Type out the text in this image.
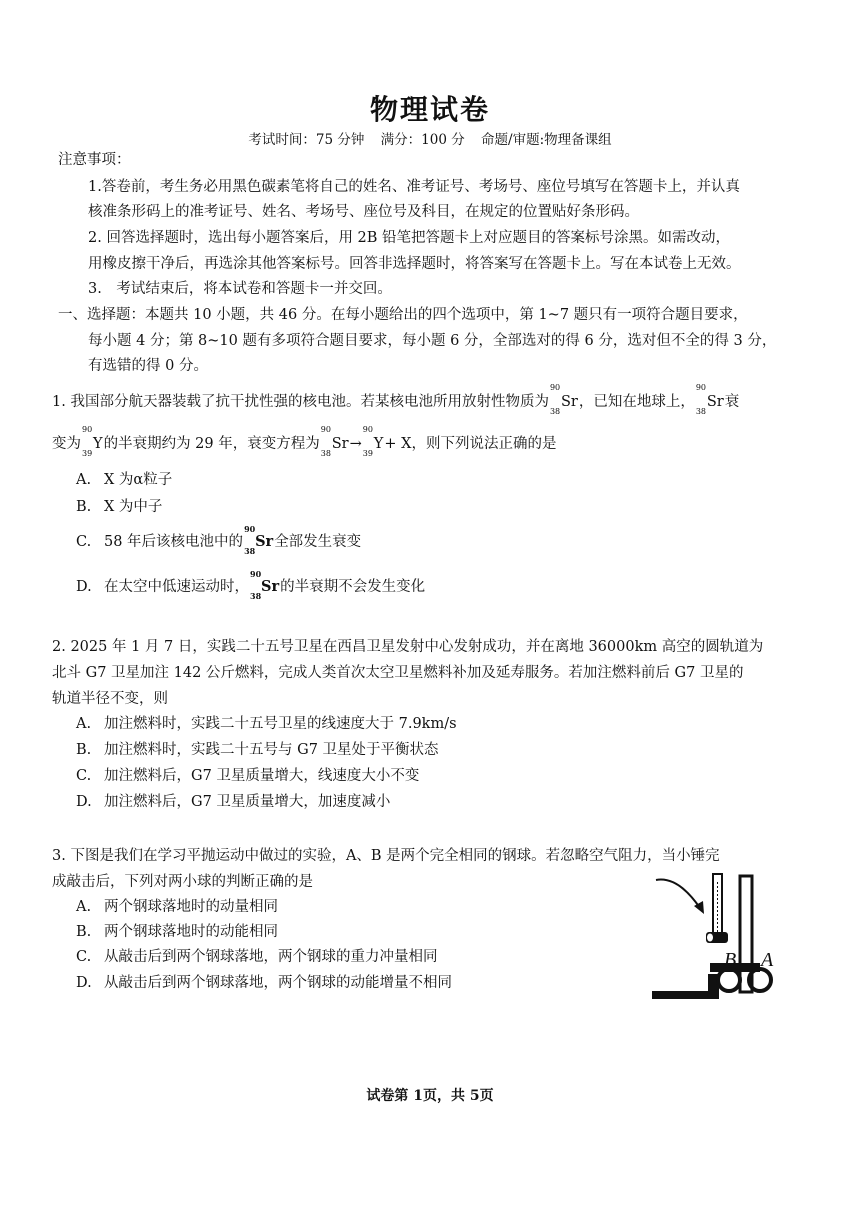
物理试卷
考试时间：75 分钟 满分：100 分 命题/审题:物理备课组
注意事项：
1.答卷前，考生务必用黑色碳素笔将自己的姓名、准考证号、考场号、座位号填写在答题卡上，并认真
核准条形码上的准考证号、姓名、考场号、座位号及科目，在规定的位置贴好条形码。
2. 回答选择题时，选出每小题答案后，用 2B 铅笔把答题卡上对应题目的答案标号涂黑。如需改动，
用橡皮擦干净后，再选涂其他答案标号。回答非选择题时，将答案写在答题卡上。写在本试卷上无效。
3.　考试结束后，将本试卷和答题卡一并交回。
一、选择题：本题共 10 小题，共 46 分。在每小题给出的四个选项中，第 1~7 题只有一项符合题目要求，
每小题 4 分；第 8~10 题有多项符合题目要求，每小题 6 分，全部选对的得 6 分，选对但不全的得 3 分，
有选错的得 0 分。
1. 我国部分航天器装载了抗干扰性强的核电池。若某核电池所用放射性物质为
90
38
Sr，已知在地球上，
90
38
Sr衰
变为
90
39
Y的半衰期约为 29 年，衰变方程为
90
38
Sr→
90
39
Y+ X，则下列说法正确的是
A. X 为α粒子
B. X 为中子
C. 58 年后该核电池中的
90
38
Sr全部发生衰变
D. 在太空中低速运动时，
90
38
Sr的半衰期不会发生变化
2. 2025 年 1 月 7 日，实践二十五号卫星在西昌卫星发射中心发射成功，并在离地 36000km 高空的圆轨道为
北斗 G7 卫星加注 142 公斤燃料，完成人类首次太空卫星燃料补加及延寿服务。若加注燃料前后 G7 卫星的
轨道半径不变，则
A. 加注燃料时，实践二十五号卫星的线速度大于 7.9km/s
B. 加注燃料时，实践二十五号与 G7 卫星处于平衡状态
C. 加注燃料后，G7 卫星质量增大，线速度大小不变
D. 加注燃料后，G7 卫星质量增大，加速度减小
3. 下图是我们在学习平抛运动中做过的实验，A、B 是两个完全相同的钢球。若忽略空气阻力，当小锤完
成敲击后，下列对两小球的判断正确的是
A. 两个钢球落地时的动量相同
B. 两个钢球落地时的动能相同
C. 从敲击后到两个钢球落地，两个钢球的重力冲量相同
D. 从敲击后到两个钢球落地，两个钢球的动能增量不相同
B A
试卷第 1页，共 5页
